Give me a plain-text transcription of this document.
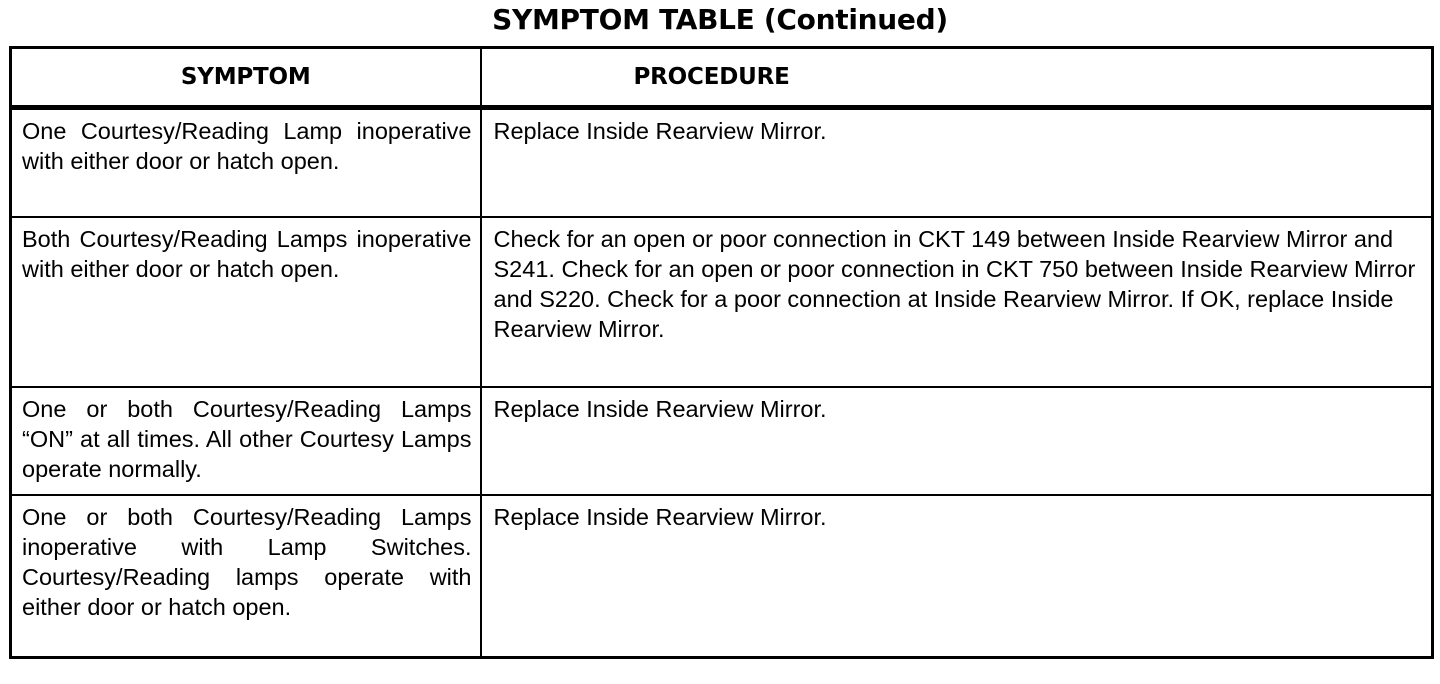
SYMPTOM TABLE (Continued)
SYMPTOM	PROCEDURE
One Courtesy/Reading Lamp inoperative with either door or hatch open.	Replace Inside Rearview Mirror.
Both Courtesy/Reading Lamps inoperative with either door or hatch open.	Check for an open or poor connection in CKT 149 between Inside Rearview Mirror and S241. Check for an open or poor connection in CKT 750 between Inside Rearview Mirror and S220. Check for a poor connection at Inside Rearview Mirror. If OK, replace Inside Rearview Mirror.
One or both Courtesy/Reading Lamps “ON” at all times. All other Courtesy Lamps operate normally.	Replace Inside Rearview Mirror.
One or both Courtesy/Reading Lamps inoperative with Lamp Switches. Courtesy/Reading lamps operate with either door or hatch open.	Replace Inside Rearview Mirror.
